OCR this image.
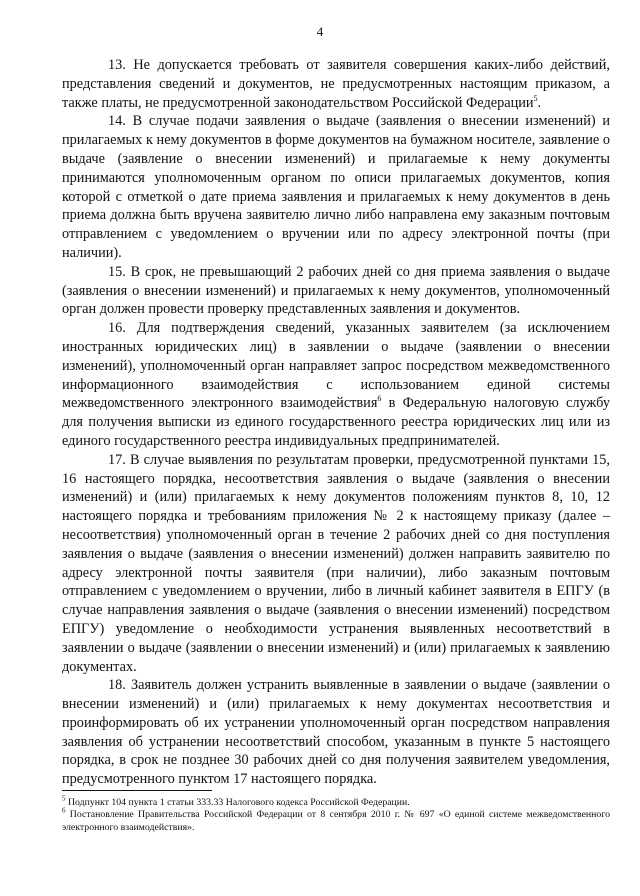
4

13. Не допускается требовать от заявителя совершения каких-либо действий, представления сведений и документов, не предусмотренных настоящим приказом, а также платы, не предусмотренной законодательством Российской Федерации$^5$.

14. В случае подачи заявления о выдаче (заявления о внесении изменений) и прилагаемых к нему документов в форме документов на бумажном носителе, заявление о выдаче (заявление о внесении изменений) и прилагаемые к нему документы принимаются уполномоченным органом по описи прилагаемых документов, копия которой с отметкой о дате приема заявления и прилагаемых к нему документов в день приема должна быть вручена заявителю лично либо направлена ему заказным почтовым отправлением с уведомлением о вручении или по адресу электронной почты (при наличии).

15. В срок, не превышающий 2 рабочих дней со дня приема заявления о выдаче (заявления о внесении изменений) и прилагаемых к нему документов, уполномоченный орган должен провести проверку представленных заявления и документов.

16. Для подтверждения сведений, указанных заявителем (за исключением иностранных юридических лиц) в заявлении о выдаче (заявлении о внесении изменений), уполномоченный орган направляет запрос посредством межведомственного информационного взаимодействия с использованием единой системы межведомственного электронного взаимодействия$^6$ в Федеральную налоговую службу для получения выписки из единого государственного реестра юридических лиц или из единого государственного реестра индивидуальных предпринимателей.

17. В случае выявления по результатам проверки, предусмотренной пунктами 15, 16 настоящего порядка, несоответствия заявления о выдаче (заявления о внесении изменений) и (или) прилагаемых к нему документов положениям пунктов 8, 10, 12 настоящего порядка и требованиям приложения № 2 к настоящему приказу (далее – несоответствия) уполномоченный орган в течение 2 рабочих дней со дня поступления заявления о выдаче (заявления о внесении изменений) должен направить заявителю по адресу электронной почты заявителя (при наличии), либо заказным почтовым отправлением с уведомлением о вручении, либо в личный кабинет заявителя в ЕПГУ (в случае направления заявления о выдаче (заявления о внесении изменений) посредством ЕПГУ) уведомление о необходимости устранения выявленных несоответствий в заявлении о выдаче (заявлении о внесении изменений) и (или) прилагаемых к заявлению документах.

18. Заявитель должен устранить выявленные в заявлении о выдаче (заявлении о внесении изменений) и (или) прилагаемых к нему документах несоответствия и проинформировать об их устранении уполномоченный орган посредством направления заявления об устранении несоответствий способом, указанным в пункте 5 настоящего порядка, в срок не позднее 30 рабочих дней со дня получения заявителем уведомления, предусмотренного пунктом 17 настоящего порядка.

$^5$ Подпункт 104 пункта 1 статьи 333.33 Налогового кодекса Российской Федерации.

$^6$ Постановление Правительства Российской Федерации от 8 сентября 2010 г. № 697 «О единой системе межведомственного электронного взаимодействия».
